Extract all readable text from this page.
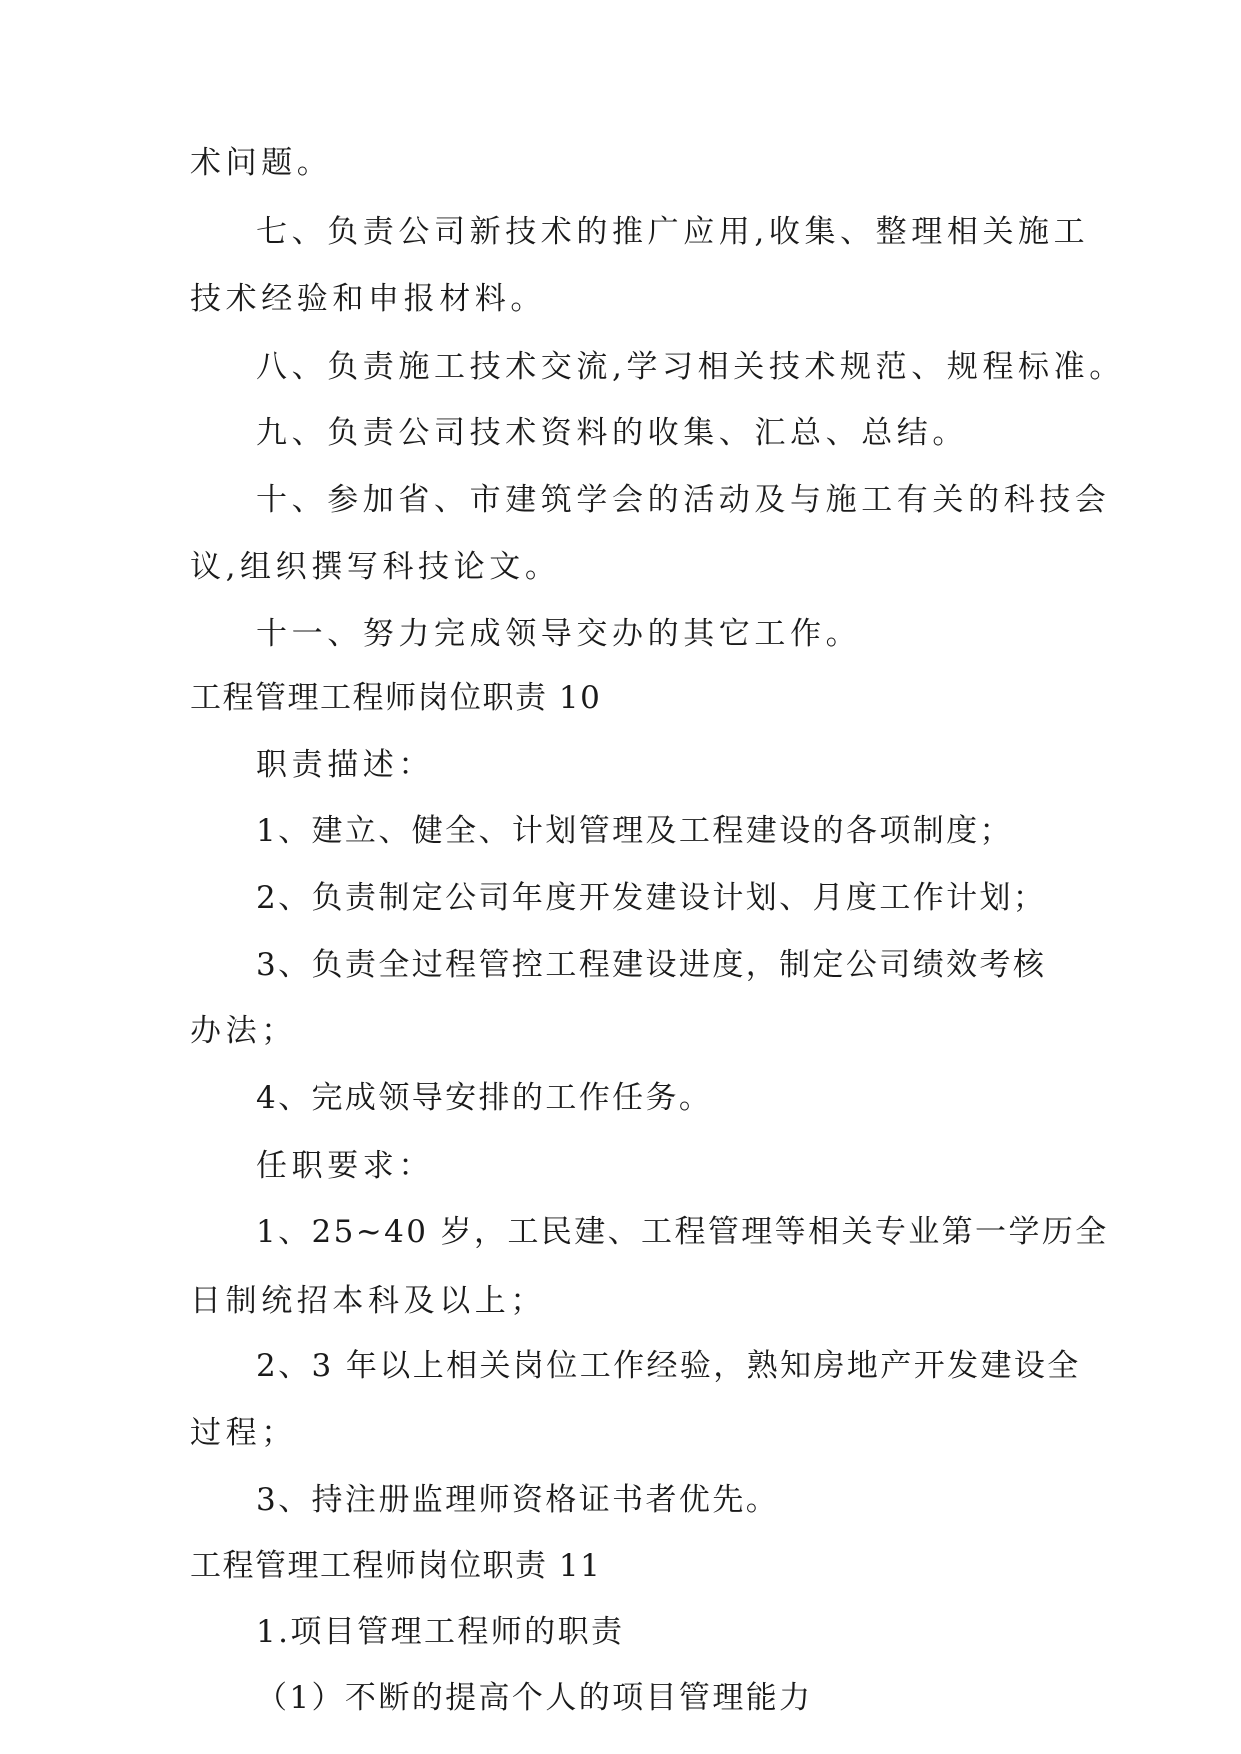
术问题。
七、负责公司新技术的推广应用,收集、整理相关施工
技术经验和申报材料。
八、负责施工技术交流,学习相关技术规范、规程标准。
九、负责公司技术资料的收集、汇总、总结。
十、参加省、市建筑学会的活动及与施工有关的科技会
议,组织撰写科技论文。
十一、努力完成领导交办的其它工作。
工程管理工程师岗位职责 10
职责描述：
1、建立、健全、计划管理及工程建设的各项制度；
2、负责制定公司年度开发建设计划、月度工作计划；
3、负责全过程管控工程建设进度，制定公司绩效考核
办法；
4、完成领导安排的工作任务。
任职要求：
1、25~40 岁，工民建、工程管理等相关专业第一学历全
日制统招本科及以上；
2、3 年以上相关岗位工作经验，熟知房地产开发建设全
过程；
3、持注册监理师资格证书者优先。
工程管理工程师岗位职责 11
1.项目管理工程师的职责
（1）不断的提高个人的项目管理能力
